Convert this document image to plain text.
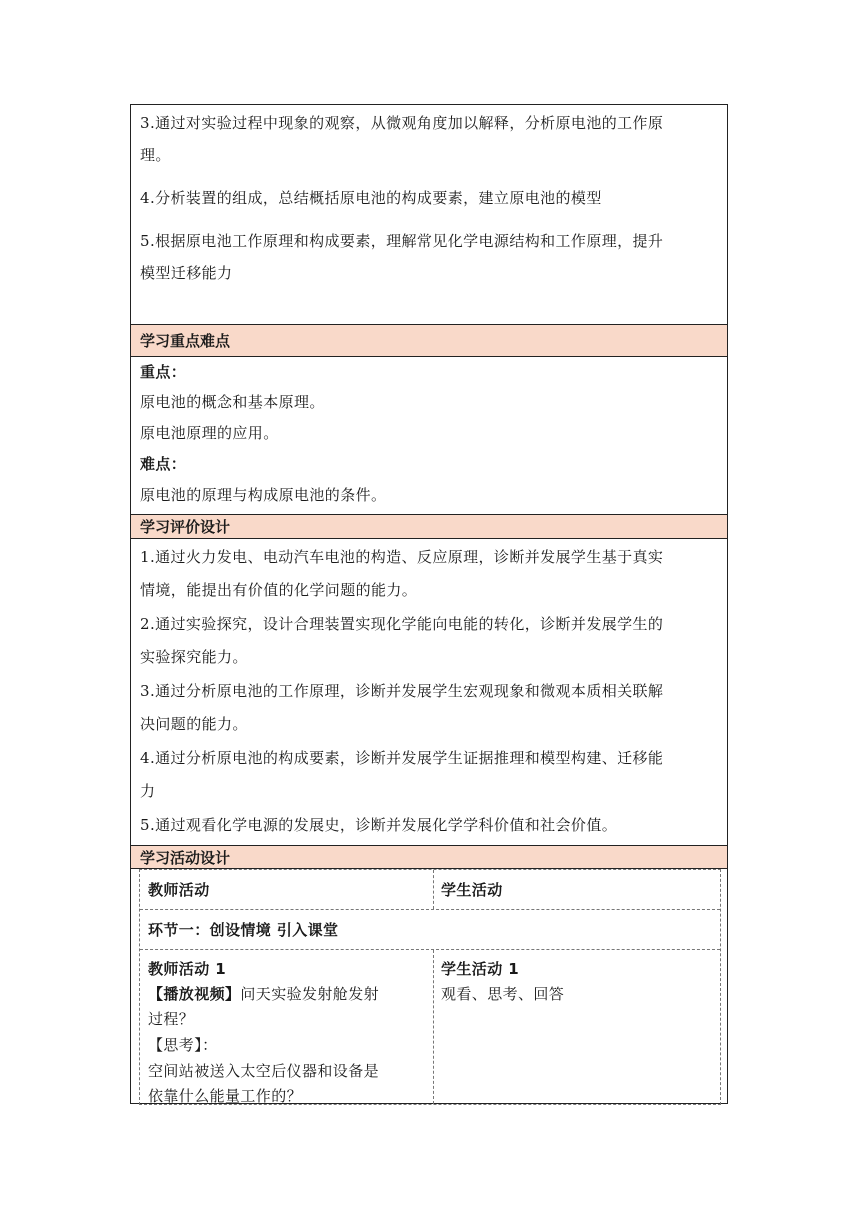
3.通过对实验过程中现象的观察，从微观角度加以解释，分析原电池的工作原
理。
4.分析装置的组成，总结概括原电池的构成要素，建立原电池的模型
5.根据原电池工作原理和构成要素，理解常见化学电源结构和工作原理，提升
模型迁移能力
学习重点难点
重点：
原电池的概念和基本原理。
原电池原理的应用。
难点：
原电池的原理与构成原电池的条件。
学习评价设计
1.通过火力发电、电动汽车电池的构造、反应原理，诊断并发展学生基于真实
情境，能提出有价值的化学问题的能力。
2.通过实验探究，设计合理装置实现化学能向电能的转化，诊断并发展学生的
实验探究能力。
3.通过分析原电池的工作原理，诊断并发展学生宏观现象和微观本质相关联解
决问题的能力。
4.通过分析原电池的构成要素，诊断并发展学生证据推理和模型构建、迁移能
力
5.通过观看化学电源的发展史，诊断并发展化学学科价值和社会价值。
学习活动设计
教师活动	学生活动
环节一：创设情境 引入课堂
教师活动 1
【播放视频】问天实验发射舱发射
过程？
【思考】：
空间站被送入太空后仪器和设备是
依靠什么能量工作的？
学生活动 1
观看、思考、回答
